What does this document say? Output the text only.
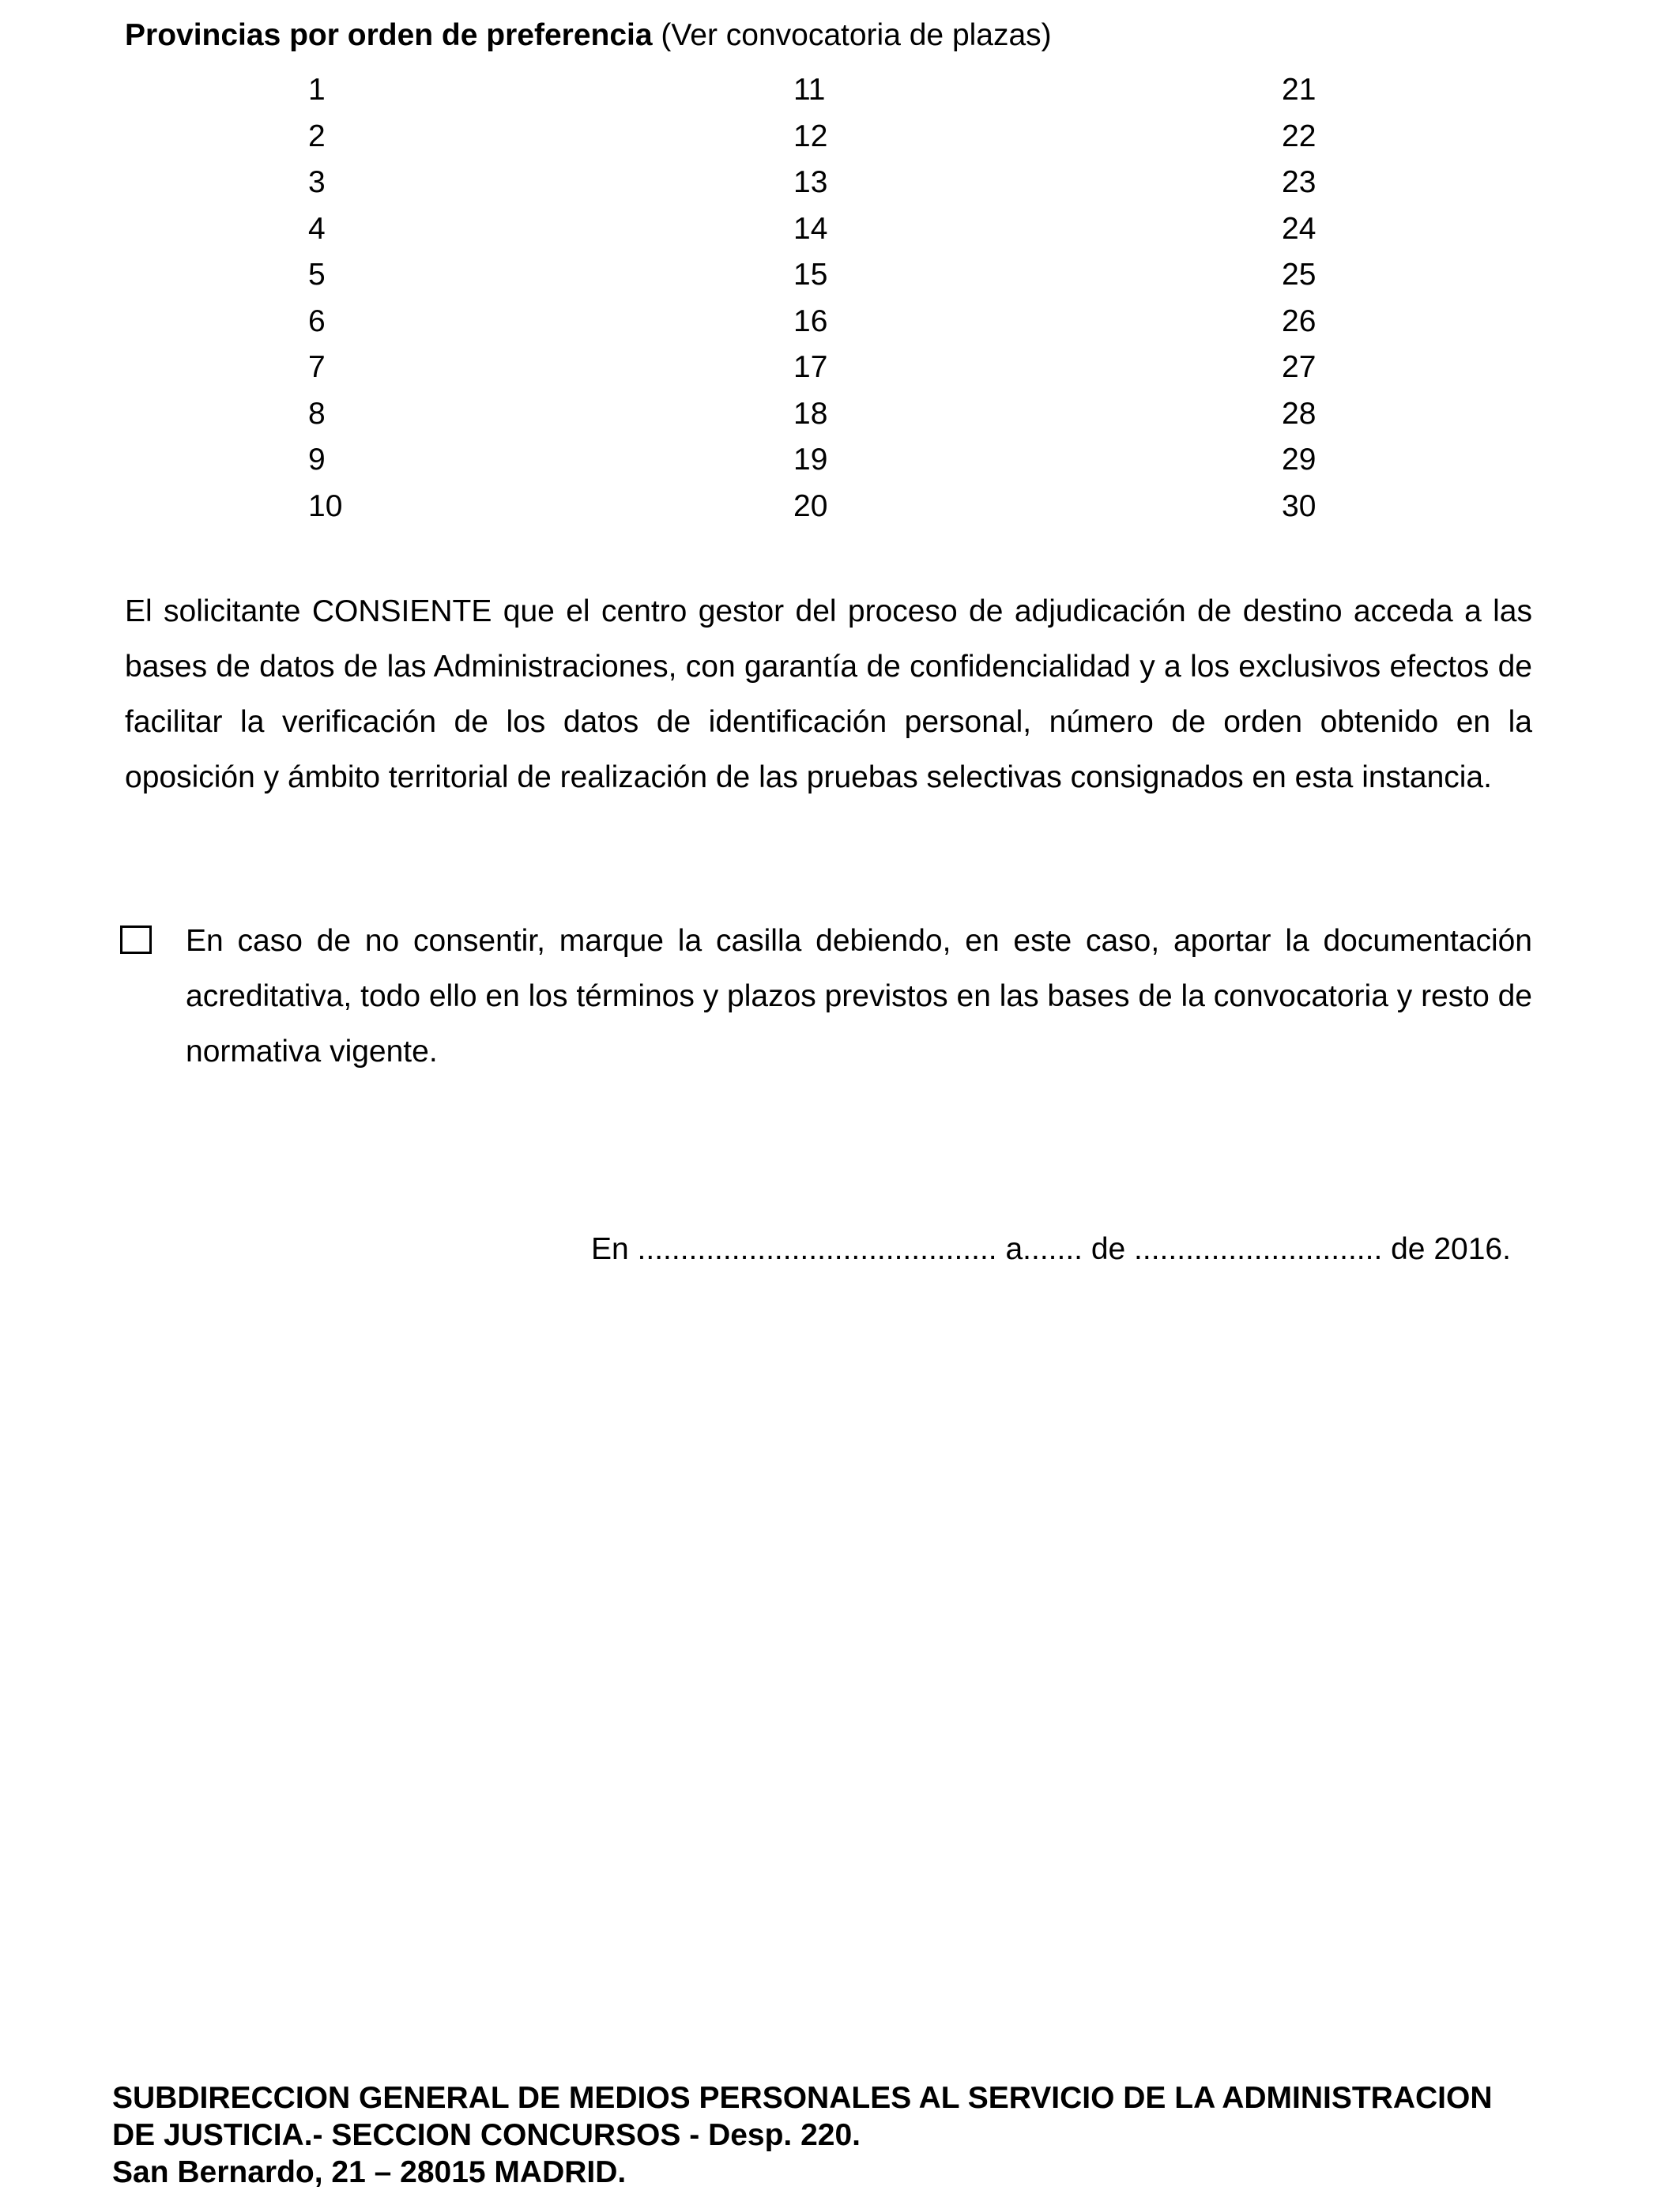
Provincias por orden de preferencia (Ver convocatoria de plazas)
1
2
3
4
5
6
7
8
9
10
11
12
13
14
15
16
17
18
19
20
21
22
23
24
25
26
27
28
29
30
El solicitante CONSIENTE que el centro gestor del proceso de adjudicación de destino acceda a las bases de datos de las Administraciones, con garantía de confidencialidad y a los exclusivos efectos de facilitar la verificación de los datos de identificación personal, número de orden obtenido en la oposición y ámbito territorial de realización de las pruebas selectivas consignados en esta instancia.
En caso de no consentir, marque la casilla debiendo, en este caso, aportar la documentación acreditativa, todo ello en los términos y plazos previstos en las bases de la convocatoria y resto de normativa vigente.
En .......................................... a....... de ............................. de 2016.
SUBDIRECCION GENERAL DE MEDIOS PERSONALES AL SERVICIO DE LA ADMINISTRACION
DE JUSTICIA.- SECCION CONCURSOS - Desp. 220.
San Bernardo, 21 – 28015 MADRID.
